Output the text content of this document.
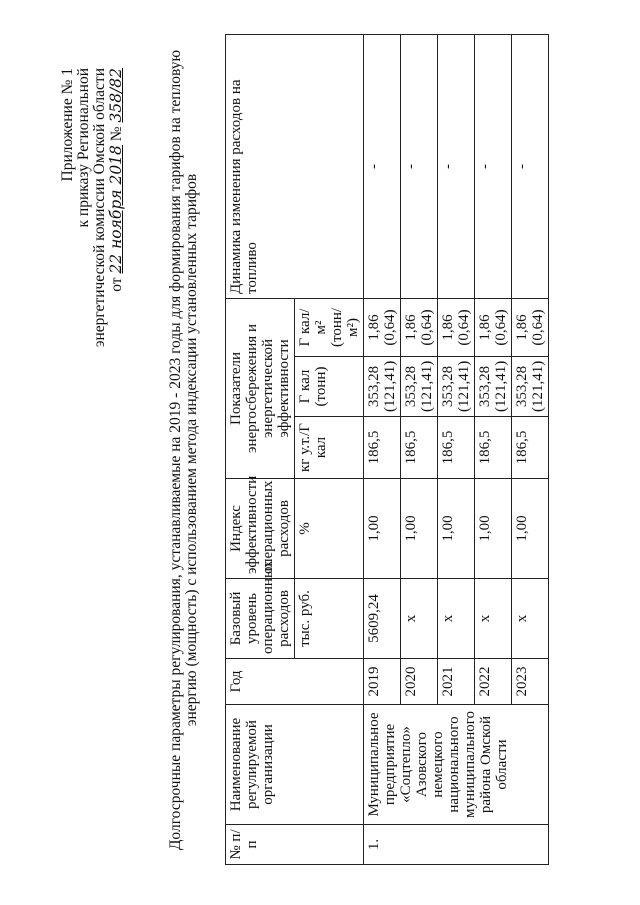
Приложение № 1 к приказу Региональной энергетической комиссии Омской области от 22 ноября 2018 № 358/82	Долгосрочные параметры регулирования, устанавливаемые на 2019 - 2023 годы для формирования тарифов на тепловую энергию (мощность) с использованием метода индексации установленных тарифов
№ п/п	Наименование регулируемой организации	Год	Базовый уровень операционных расходов	Индекс эффективности операционных расходов	Показатели энергосбережения и энергетической эффективности			Динамика изменения расходов на топливо
			тыс. руб.	%	кг у.т./Г кал	Г кал (тонн)	Г кал/м² (тонн/м²)	
1.	Муниципальное предприятие «Соцтепло» Азовского немецкого национального муниципального района Омской области	2019	5609,24	1,00	186,5	353,28 (121,41)	1,86 (0,64)	-
		2020	x	1,00	186,5	353,28 (121,41)	1,86 (0,64)	-
		2021	x	1,00	186,5	353,28 (121,41)	1,86 (0,64)	-
		2022	x	1,00	186,5	353,28 (121,41)	1,86 (0,64)	-
		2023	x	1,00	186,5	353,28 (121,41)	1,86 (0,64)	-
